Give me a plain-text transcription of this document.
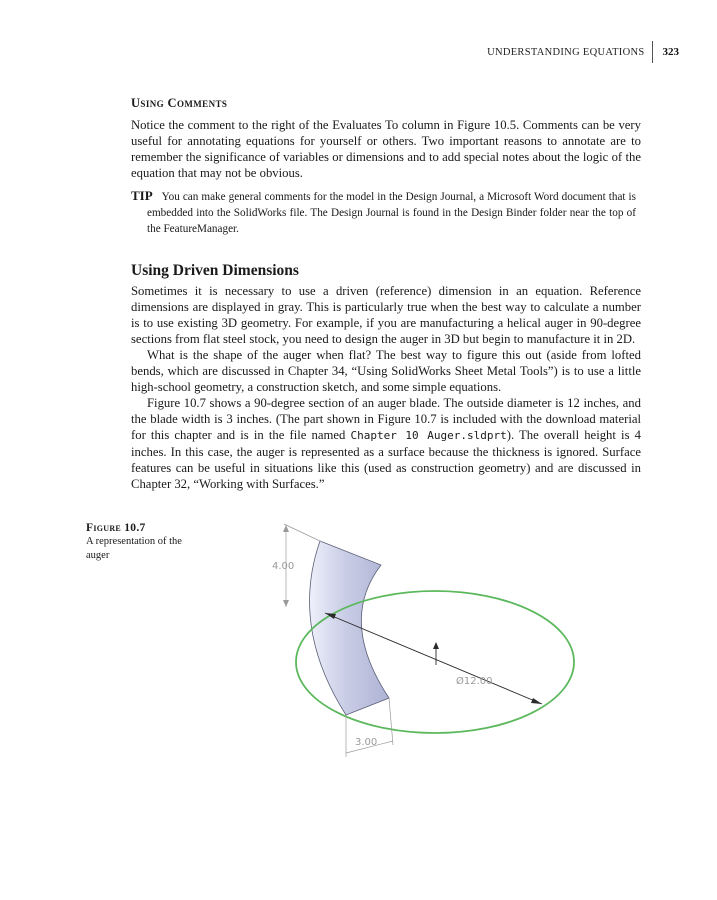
UNDERSTANDING EQUATIONS	323
Using Comments

Notice the comment to the right of the Evaluates To column in Figure 10.5. Comments can be very useful for annotating equations for yourself or others. Two important reasons to annotate are to remember the significance of variables or dimensions and to add special notes about the logic of the equation that may not be obvious.

TIP You can make general comments for the model in the Design Journal, a Microsoft Word document that is embedded into the SolidWorks file. The Design Journal is found in the Design Binder folder near the top of the FeatureManager.
Using Driven Dimensions

Sometimes it is necessary to use a driven (reference) dimension in an equation. Reference dimensions are displayed in gray. This is particularly true when the best way to calculate a number is to use existing 3D geometry. For example, if you are manufacturing a helical auger in 90-degree sections from flat steel stock, you need to design the auger in 3D but begin to manufacture it in 2D.

What is the shape of the auger when flat? The best way to figure this out (aside from lofted bends, which are discussed in Chapter 34, “Using SolidWorks Sheet Metal Tools”) is to use a little high-school geometry, a construction sketch, and some simple equations.

Figure 10.7 shows a 90-degree section of an auger blade. The outside diameter is 12 inches, and the blade width is 3 inches. (The part shown in Figure 10.7 is included with the download material for this chapter and is in the file named Chapter 10 Auger.sldprt). The overall height is 4 inches. In this case, the auger is represented as a surface because the thickness is ignored. Surface features can be useful in situations like this (used as construction geometry) and are discussed in Chapter 32, “Working with Surfaces.”

Figure 10.7
A representation of the auger
4.00
Ø12.00
3.00
